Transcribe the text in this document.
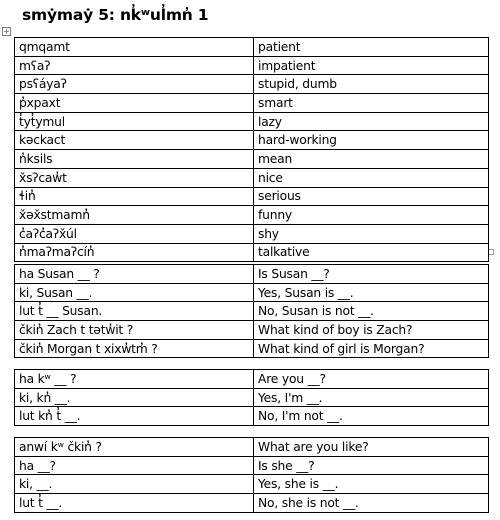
smẏmaẏ 5: nk̓ʷul̓mn̓ 1
+
qmqamt	patient
mʕaʔ	impatient
psʕáyaʔ	stupid, dumb
p̓xpaxt	smart
t̓yt̓ymul	lazy
kəckact	hard-working
n̓ksils	mean
x̌sʔcaw̓t	nice
ɬin̓	serious
x̌əx̌stmamn̓	funny
c̓aʔc̓aʔx̌úl	shy
n̓maʔmaʔcín̓	talkative
ha Susan __ ?	Is Susan __?
ki, Susan __.	Yes, Susan is __.
lut t̓ __ Susan.	No, Susan is not __.
čkin̓ Zach t tətw̓it ?	What kind of boy is Zach?
čkin̓ Morgan t xixw̓tm̓ ?	What kind of girl is Morgan?
ha kʷ __ ?	Are you __?
ki, kn̓ __.	Yes, I'm __.
lut kn̓ t̓ __.	No, I'm not __.
anwí kʷ čkin̓ ?	What are you like?
ha __?	Is she __?
ki, __.	Yes, she is __.
lut t̓ __.	No, she is not __.
